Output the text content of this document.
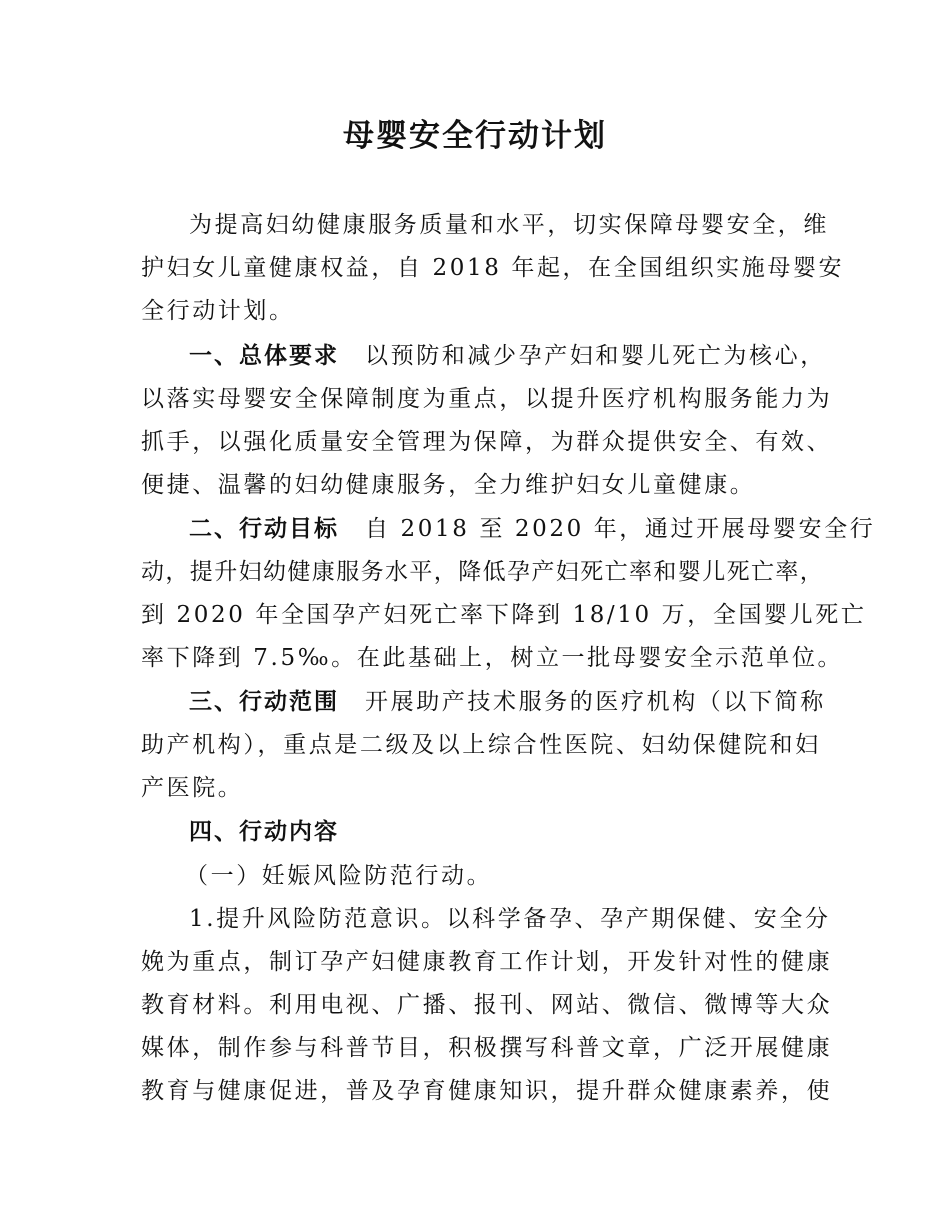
母婴安全行动计划
为提高妇幼健康服务质量和水平，切实保障母婴安全，维
护妇女儿童健康权益，自 2018 年起，在全国组织实施母婴安
全行动计划。
一、总体要求 以预防和减少孕产妇和婴儿死亡为核心，
以落实母婴安全保障制度为重点，以提升医疗机构服务能力为
抓手，以强化质量安全管理为保障，为群众提供安全、有效、
便捷、温馨的妇幼健康服务，全力维护妇女儿童健康。
二、行动目标 自 2018 至 2020 年，通过开展母婴安全行
动，提升妇幼健康服务水平，降低孕产妇死亡率和婴儿死亡率，
到 2020 年全国孕产妇死亡率下降到 18/10 万，全国婴儿死亡
率下降到 7.5‰。在此基础上，树立一批母婴安全示范单位。
三、行动范围 开展助产技术服务的医疗机构（以下简称
助产机构），重点是二级及以上综合性医院、妇幼保健院和妇
产医院。
四、行动内容
（一）妊娠风险防范行动。
1.提升风险防范意识。以科学备孕、孕产期保健、安全分
娩为重点，制订孕产妇健康教育工作计划，开发针对性的健康
教育材料。利用电视、广播、报刊、网站、微信、微博等大众
媒体，制作参与科普节目，积极撰写科普文章，广泛开展健康
教育与健康促进，普及孕育健康知识，提升群众健康素养，使
